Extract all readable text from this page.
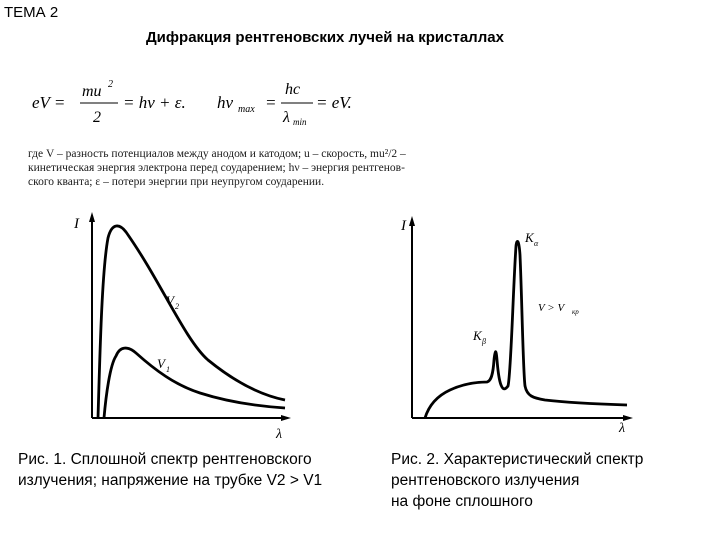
ТЕМА 2
Дифракция рентгеновских лучей на кристаллах
eV =
mu 2
2
= hν + ε. hν max =
hc
λ min
= eV.
где V – разность потенциалов между анодом и катодом; u – скорость, mu²/2 –
кинетическая энергия электрона перед соударением; hν – энергия рентгенов-
ского кванта; ε – потери энергии при неупругом соударении.
I
λ
V 2
V 1
I
λ
K α
K β
V > V кр
Рис. 1. Сплошной спектр рентгеновского
излучения; напряжение на трубке V2 > V1
Рис. 2. Характеристический спектр
рентгеновского излучения
на фоне сплошного
